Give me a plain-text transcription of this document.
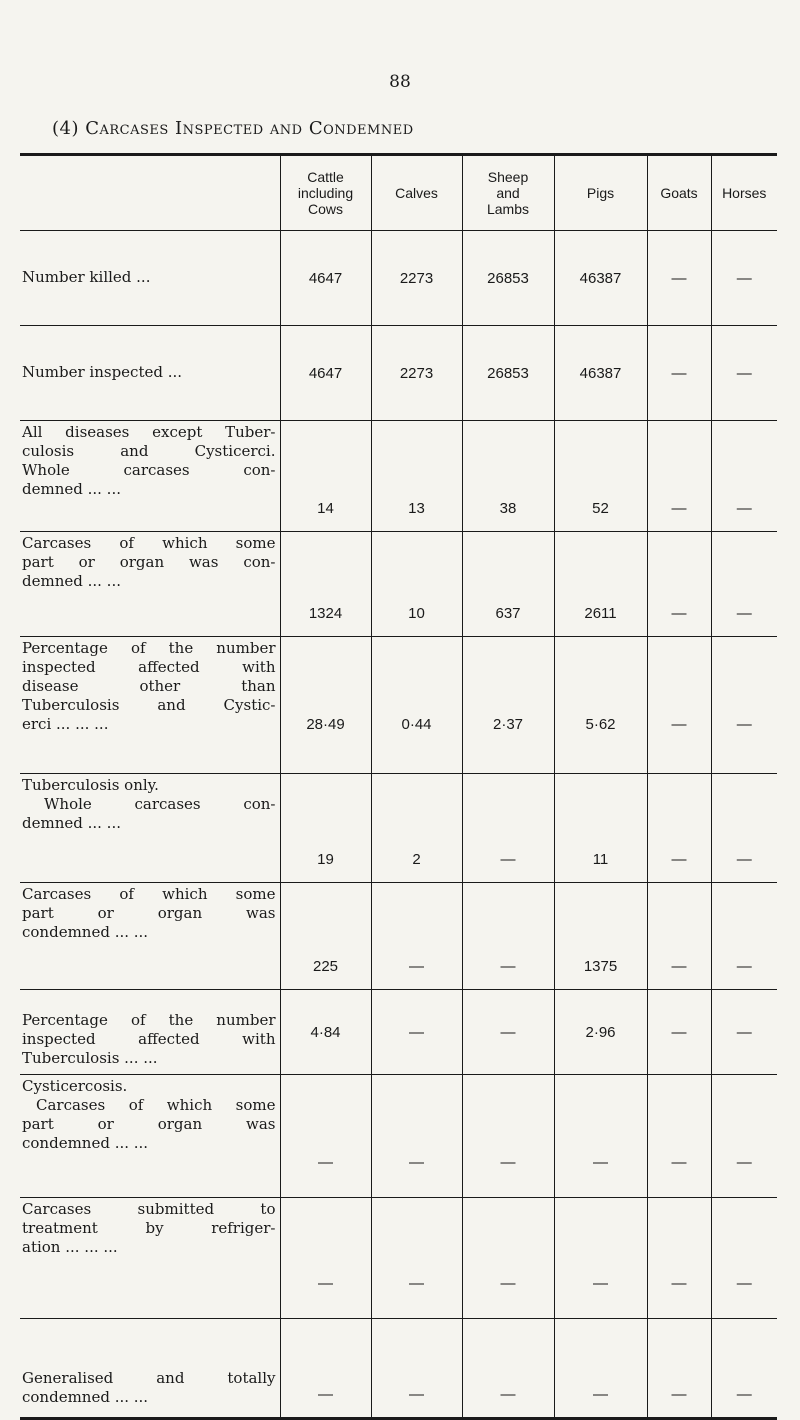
88
(4) Carcases Inspected and Condemned
	Cattle including Cows	Calves	Sheep and Lambs	Pigs	Goats	Horses

Number killed ...	4647	2273	26853	46387	—	—

Number inspected ...	4647	2273	26853	46387	—	—

All diseases except Tuber-
culosis and Cysticerci.
Whole carcases con-
demned ... ...	14	13	38	52	—	—

Carcases of which some
part or organ was con-
demned ... ...	1324	10	637	2611	—	—

Percentage of the number
inspected affected with
disease other than
Tuberculosis and Cystic-
erci ... ... ...	28·49	0·44	2·37	5·62	—	—

Tuberculosis only.
Whole carcases con-
demned ... ...	19	2	—	11	—	—

Carcases of which some
part or organ was
condemned ... ...	225	—	—	1375	—	—

Percentage of the number
inspected affected with
Tuberculosis ... ...	4·84	—	—	2·96	—	—

Cysticercosis.
Carcases of which some
part or organ was
condemned ... ...	—	—	—	—	—	—

Carcases submitted to
treatment by refriger-
ation ... ... ...	—	—	—	—	—	—

Generalised and totally
condemned ... ...	—	—	—	—	—	—
